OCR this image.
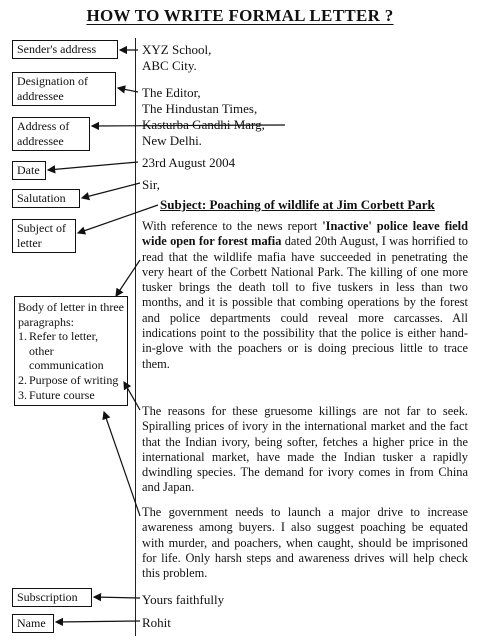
HOW TO WRITE FORMAL LETTER ?
Sender's address
Designation of addressee
Address of addressee
Date
Salutation
Subject of letter
Body of letter in three paragraphs:
1. Refer to letter, other communication
2. Purpose of writing
3. Future course
Subscription
Name
XYZ School,
ABC City.
The Editor,
The Hindustan Times,
Kasturba Gandhi Marg,
New Delhi.
23rd August 2004
Sir,
Subject: Poaching of wildlife at Jim Corbett Park
With reference to the news report 'Inactive' police leave field wide open for forest mafia dated 20th August, I was horrified to read that the wildlife mafia have succeeded in penetrating the very heart of the Corbett National Park. The killing of one more tusker brings the death toll to five tuskers in less than two months, and it is possible that combing operations by the forest and police departments could reveal more carcasses. All indications point to the possibility that the police is either hand-in-glove with the poachers or is doing precious little to trace them.
The reasons for these gruesome killings are not far to seek. Spiralling prices of ivory in the international market and the fact that the Indian ivory, being softer, fetches a higher price in the international market, have made the Indian tusker a rapidly dwindling species. The demand for ivory comes in from China and Japan.
The government needs to launch a major drive to increase awareness among buyers. I also suggest poaching be equated with murder, and poachers, when caught, should be imprisoned for life. Only harsh steps and awareness drives will help check this problem.
Yours faithfully
Rohit
